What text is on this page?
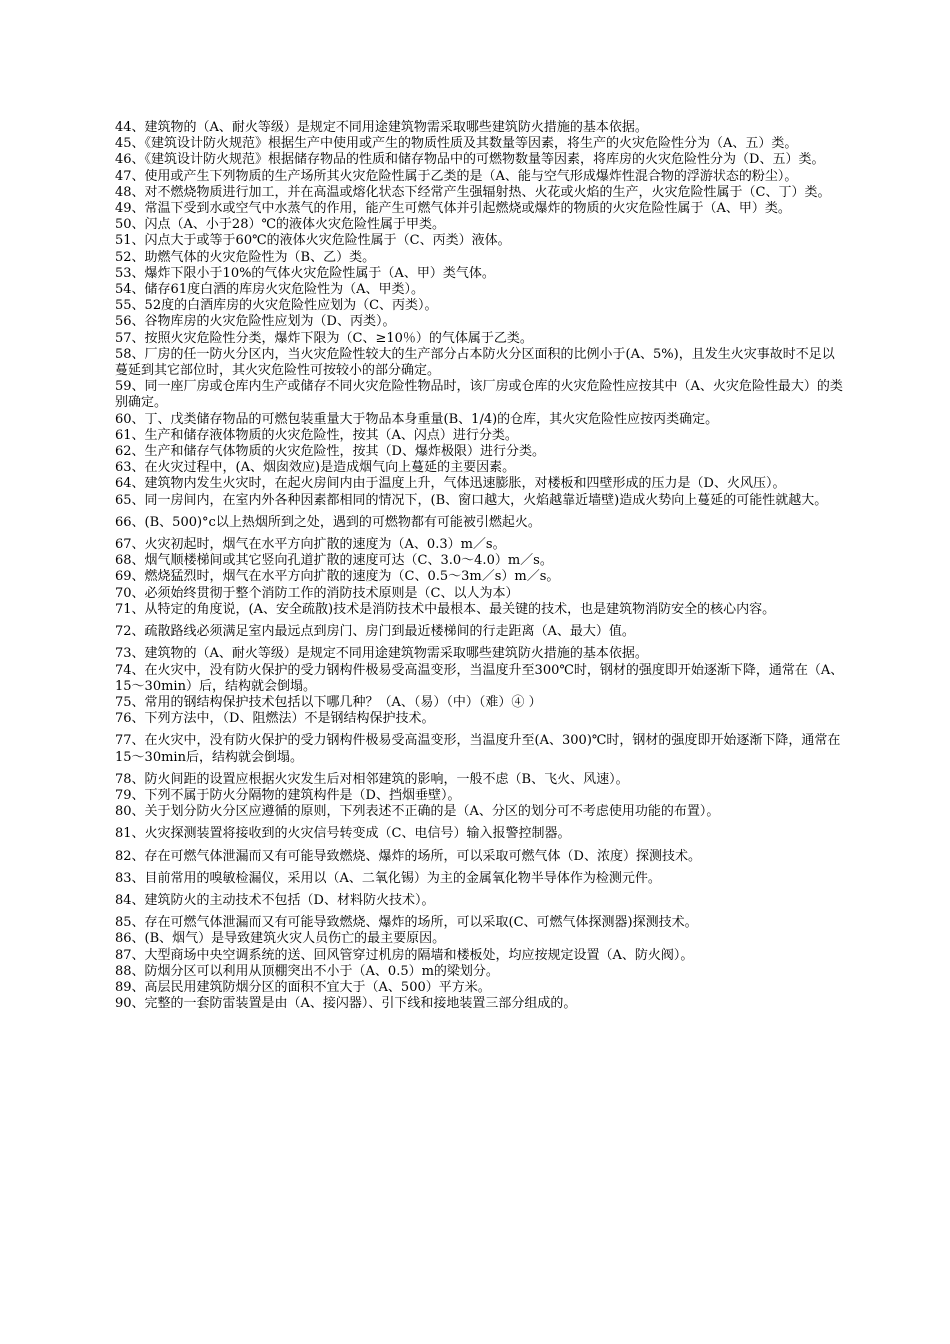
44、建筑物的（A、耐火等级）是规定不同用途建筑物需采取哪些建筑防火措施的基本依据。

45、《建筑设计防火规范》根据生产中使用或产生的物质性质及其数量等因素，将生产的火灾危险性分为（A、五）类。

46、《建筑设计防火规范》根据储存物品的性质和储存物品中的可燃物数量等因素，将库房的火灾危险性分为（D、五）类。

47、使用或产生下列物质的生产场所其火灾危险性属于乙类的是（A、能与空气形成爆炸性混合物的浮游状态的粉尘）。

48、对不燃烧物质进行加工，并在高温或熔化状态下经常产生强辐射热、火花或火焰的生产，火灾危险性属于（C、丁）类。

49、常温下受到水或空气中水蒸气的作用，能产生可燃气体并引起燃烧或爆炸的物质的火灾危险性属于（A、甲）类。

50、闪点（A、小于28）℃的液体火灾危险性属于甲类。

51、闪点大于或等于60℃的液体火灾危险性属于（C、丙类）液体。

52、助燃气体的火灾危险性为（B、乙）类。

53、爆炸下限小于10%的气体火灾危险性属于（A、甲）类气体。

54、储存61度白酒的库房火灾危险性为（A、甲类）。

55、52度的白酒库房的火灾危险性应划为（C、丙类）。

56、谷物库房的火灾危险性应划为（D、丙类）。

57、按照火灾危险性分类，爆炸下限为（C、≥10％）的气体属于乙类。

58、厂房的任一防火分区内，当火灾危险性较大的生产部分占本防火分区面积的比例小于(A、5%)，且发生火灾事故时不足以蔓延到其它部位时，其火灾危险性可按较小的部分确定。

59、同一座厂房或仓库内生产或储存不同火灾危险性物品时，该厂房或仓库的火灾危险性应按其中（A、火灾危险性最大）的类别确定。

60、丁、戊类储存物品的可燃包装重量大于物品本身重量(B、1/4)的仓库，其火灾危险性应按丙类确定。

61、生产和储存液体物质的火灾危险性，按其（A、闪点）进行分类。

62、生产和储存气体物质的火灾危险性，按其（D、爆炸极限）进行分类。

63、在火灾过程中，(A、烟囱效应)是造成烟气向上蔓延的主要因素。

64、建筑物内发生火灾时，在起火房间内由于温度上升，气体迅速膨胀，对楼板和四壁形成的压力是（D、火风压）。

65、同一房间内，在室内外各种因素都相同的情况下，(B、窗口越大，火焰越靠近墙壁)造成火势向上蔓延的可能性就越大。

66、(B、500)°c以上热烟所到之处，遇到的可燃物都有可能被引燃起火。

67、火灾初起时，烟气在水平方向扩散的速度为（A、0.3）m／s。

68、烟气顺楼梯间或其它竖向孔道扩散的速度可达（C、3.0～4.0）m／s。

69、燃烧猛烈时，烟气在水平方向扩散的速度为（C、0.5～3m／s）m／s。

70、必须始终贯彻于整个消防工作的消防技术原则是（C、以人为本）

71、从特定的角度说，(A、安全疏散)技术是消防技术中最根本、最关键的技术，也是建筑物消防安全的核心内容。

72、疏散路线必须满足室内最远点到房门、房门到最近楼梯间的行走距离（A、最大）值。

73、建筑物的（A、耐火等级）是规定不同用途建筑物需采取哪些建筑防火措施的基本依据。

74、在火灾中，没有防火保护的受力钢构件极易受高温变形，当温度升至300℃时，钢材的强度即开始逐渐下降，通常在（A、15～30min）后，结构就会倒塌。

75、常用的钢结构保护技术包括以下哪几种？（A、（易）（中）（难）④ ）

76、下列方法中，（D、阻燃法）不是钢结构保护技术。

77、在火灾中，没有防火保护的受力钢构件极易受高温变形，当温度升至(A、300)℃时，钢材的强度即开始逐渐下降，通常在15～30min后，结构就会倒塌。

78、防火间距的设置应根据火灾发生后对相邻建筑的影响，一般不虑（B、飞火、风速）。

79、下列不属于防火分隔物的建筑构件是（D、挡烟垂壁）。

80、关于划分防火分区应遵循的原则，下列表述不正确的是（A、分区的划分可不考虑使用功能的布置）。

81、火灾探测装置将接收到的火灾信号转变成（C、电信号）输入报警控制器。

82、存在可燃气体泄漏而又有可能导致燃烧、爆炸的场所，可以采取可燃气体（D、浓度）探测技术。

83、目前常用的嗅敏检漏仪，采用以（A、二氧化锡）为主的金属氧化物半导体作为检测元件。

84、建筑防火的主动技术不包括（D、材料防火技术）。

85、存在可燃气体泄漏而又有可能导致燃烧、爆炸的场所，可以采取(C、可燃气体探测器)探测技术。

86、(B、烟气）是导致建筑火灾人员伤亡的最主要原因。

87、大型商场中央空调系统的送、回风管穿过机房的隔墙和楼板处，均应按规定设置（A、防火阀）。

88、防烟分区可以利用从顶棚突出不小于（A、0.5）m的梁划分。

89、高层民用建筑防烟分区的面积不宜大于（A、500）平方米。

90、完整的一套防雷装置是由（A、接闪器）、引下线和接地装置三部分组成的。
